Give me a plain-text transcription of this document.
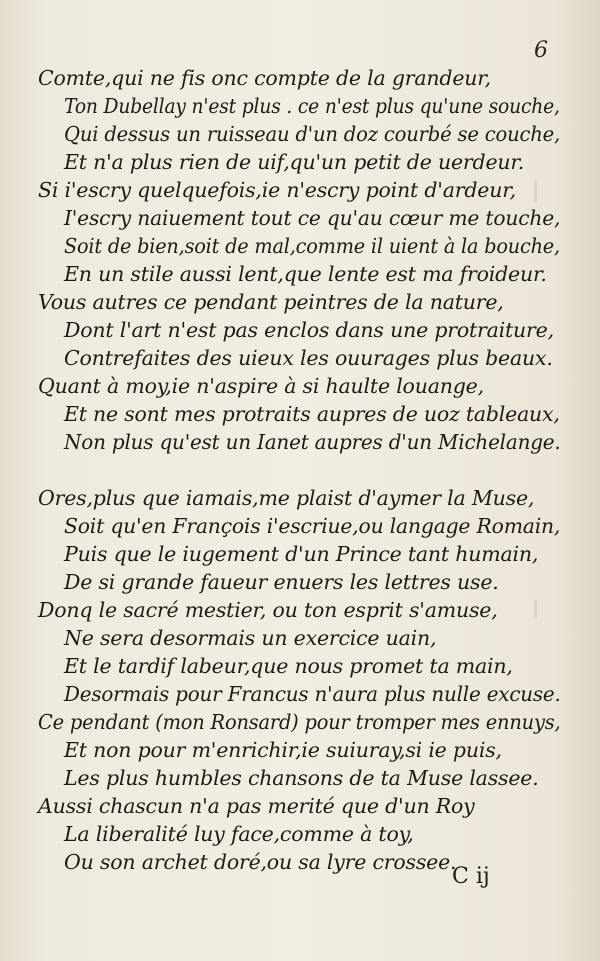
6
Comte,qui ne fis onc compte de la grandeur,
Ton Dubellay n'est plus . ce n'est plus qu'une souche,
Qui dessus un ruisseau d'un doz courbé se couche,
Et n'a plus rien de uif,qu'un petit de uerdeur.
Si i'escry quelquefois,ie n'escry point d'ardeur,
I'escry naiuement tout ce qu'au cœur me touche,
Soit de bien,soit de mal,comme il uient à la bouche,
En un stile aussi lent,que lente est ma froideur.
Vous autres ce pendant peintres de la nature,
Dont l'art n'est pas enclos dans une protraiture,
Contrefaites des uieux les ouurages plus beaux.
Quant à moy,ie n'aspire à si haulte louange,
Et ne sont mes protraits aupres de uoz tableaux,
Non plus qu'est un Ianet aupres d'un Michelange.
Ores,plus que iamais,me plaist d'aymer la Muse,
Soit qu'en François i'escriue,ou langage Romain,
Puis que le iugement d'un Prince tant humain,
De si grande faueur enuers les lettres use.
Donq le sacré mestier, ou ton esprit s'amuse,
Ne sera desormais un exercice uain,
Et le tardif labeur,que nous promet ta main,
Desormais pour Francus n'aura plus nulle excuse.
Ce pendant (mon Ronsard) pour tromper mes ennuys,
Et non pour m'enrichir,ie suiuray,si ie puis,
Les plus humbles chansons de ta Muse lassee.
Aussi chascun n'a pas merité que d'un Roy
La liberalité luy face,comme à toy,
Ou son archet doré,ou sa lyre crossee.
C ij
